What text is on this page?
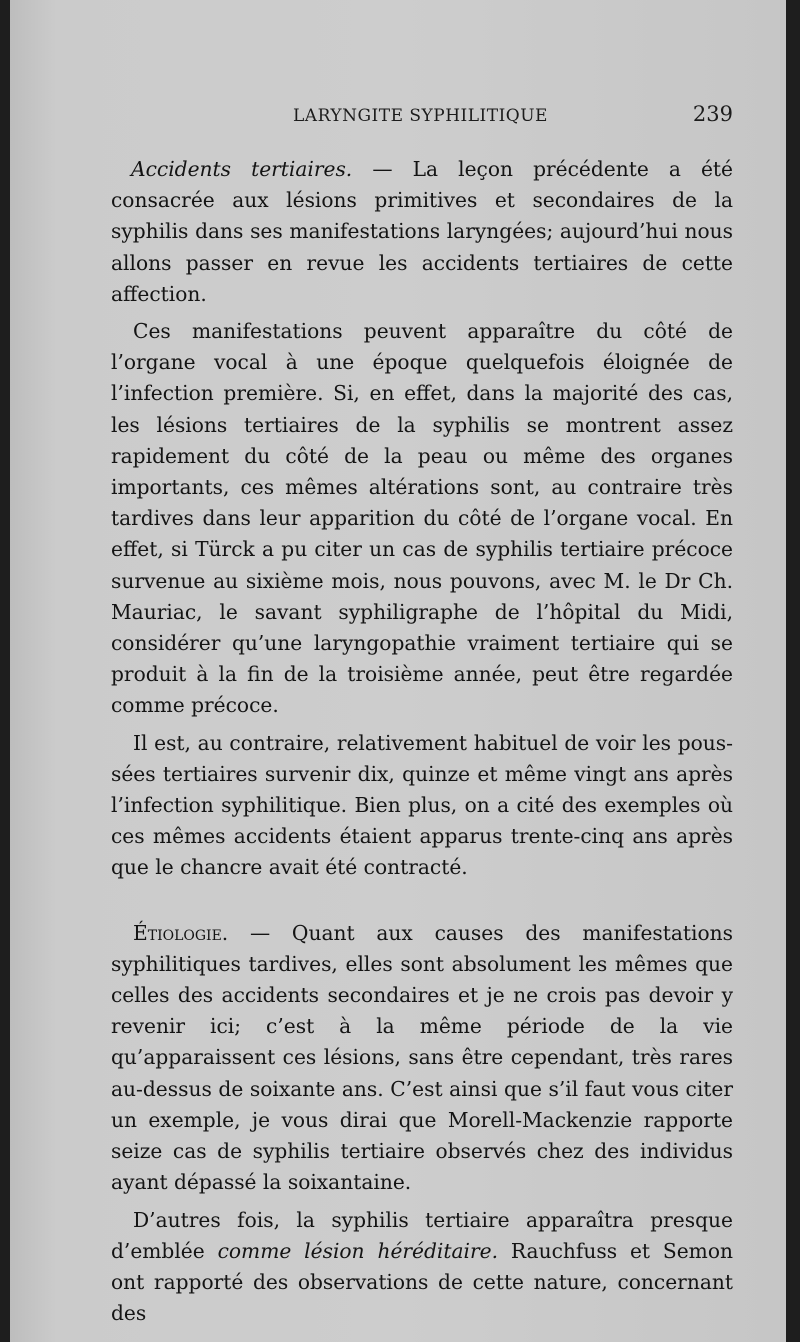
LARYNGITE SYPHILITIQUE	239

Accidents tertiaires. — La leçon précédente a été consacrée aux lésions primitives et secondaires de la syphilis dans ses manifestations laryngées; aujourd’hui nous allons passer en revue les accidents tertiaires de cette affection.

Ces manifestations peuvent apparaître du côté de l’organe vocal à une époque quelquefois éloignée de l’infection première. Si, en effet, dans la majorité des cas, les lésions tertiaires de la syphilis se montrent assez rapidement du côté de la peau ou même des organes importants, ces mêmes altérations sont, au contraire très tardives dans leur apparition du côté de l’organe vocal. En effet, si Türck a pu citer un cas de syphilis tertiaire précoce survenue au sixième mois, nous pouvons, avec M. le Dr Ch. Mauriac, le savant syphiligraphe de l’hôpital du Midi, considérer qu’une laryngopathie vraiment tertiaire qui se produit à la fin de la troisième année, peut être regardée comme précoce.

Il est, au contraire, relativement habituel de voir les poussées tertiaires survenir dix, quinze et même vingt ans après l’infection syphilitique. Bien plus, on a cité des exemples où ces mêmes accidents étaient apparus trente-cinq ans après que le chancre avait été contracté.

Étiologie. — Quant aux causes des manifestations syphilitiques tardives, elles sont absolument les mêmes que celles des accidents secondaires et je ne crois pas devoir y revenir ici; c’est à la même période de la vie qu’apparaissent ces lésions, sans être cependant, très rares au-dessus de soixante ans. C’est ainsi que s’il faut vous citer un exemple, je vous dirai que Morell-Mackenzie rapporte seize cas de syphilis tertiaire observés chez des individus ayant dépassé la soixantaine.

D’autres fois, la syphilis tertiaire apparaîtra presque d’emblée comme lésion héréditaire. Rauchfuss et Semon ont rapporté des observations de cette nature, concernant des
